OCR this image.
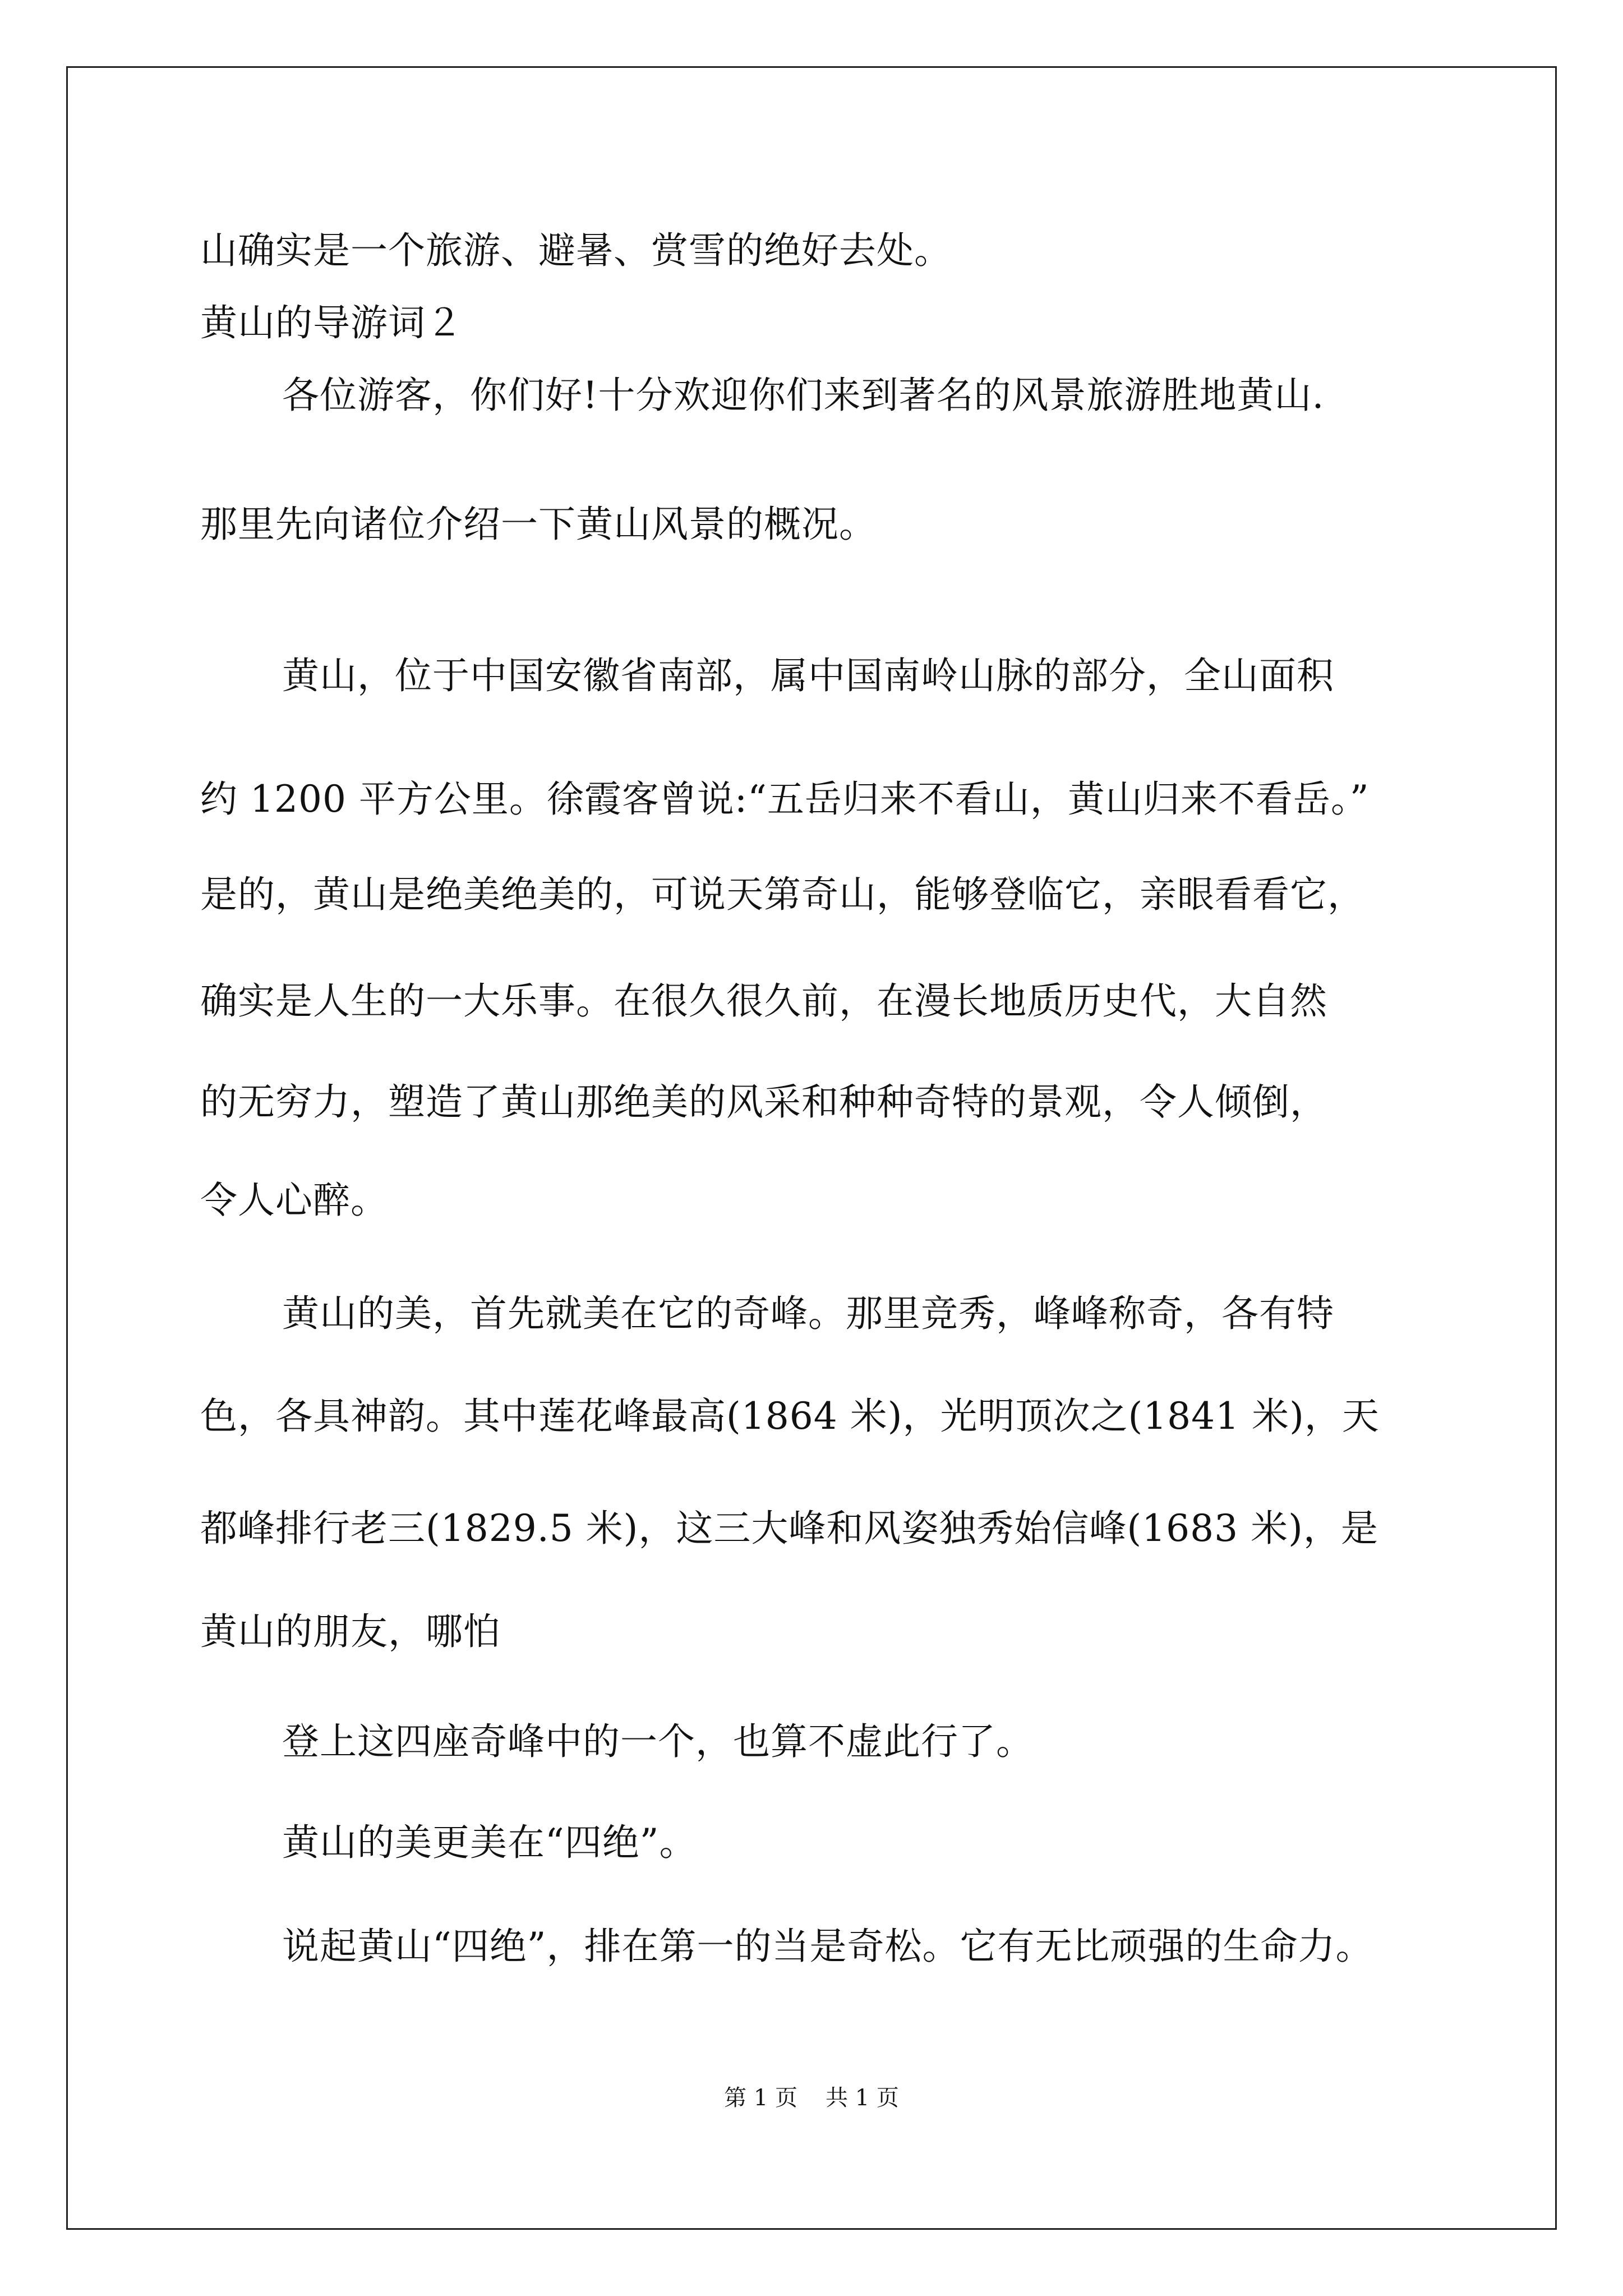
山确实是一个旅游、避暑、赏雪的绝好去处。
黄山的导游词２
各位游客，你们好!十分欢迎你们来到著名的风景旅游胜地黄山.
那里先向诸位介绍一下黄山风景的概况。
黄山，位于中国安徽省南部，属中国南岭山脉的部分，全山面积
约 1200 平方公里。徐霞客曾说:“五岳归来不看山，黄山归来不看岳。”
是的，黄山是绝美绝美的，可说天第奇山，能够登临它，亲眼看看它，
确实是人生的一大乐事。在很久很久前，在漫长地质历史代，大自然
的无穷力，塑造了黄山那绝美的风采和种种奇特的景观，令人倾倒，
令人心醉。
黄山的美，首先就美在它的奇峰。那里竞秀，峰峰称奇，各有特
色，各具神韵。其中莲花峰最高(1864 米)，光明顶次之(1841 米)，天
都峰排行老三(1829.5 米)，这三大峰和风姿独秀始信峰(1683 米)，是
黄山的朋友，哪怕
登上这四座奇峰中的一个，也算不虚此行了。
黄山的美更美在“四绝”。
说起黄山“四绝”，排在第一的当是奇松。它有无比顽强的生命力。
第 1 页 共 1 页
